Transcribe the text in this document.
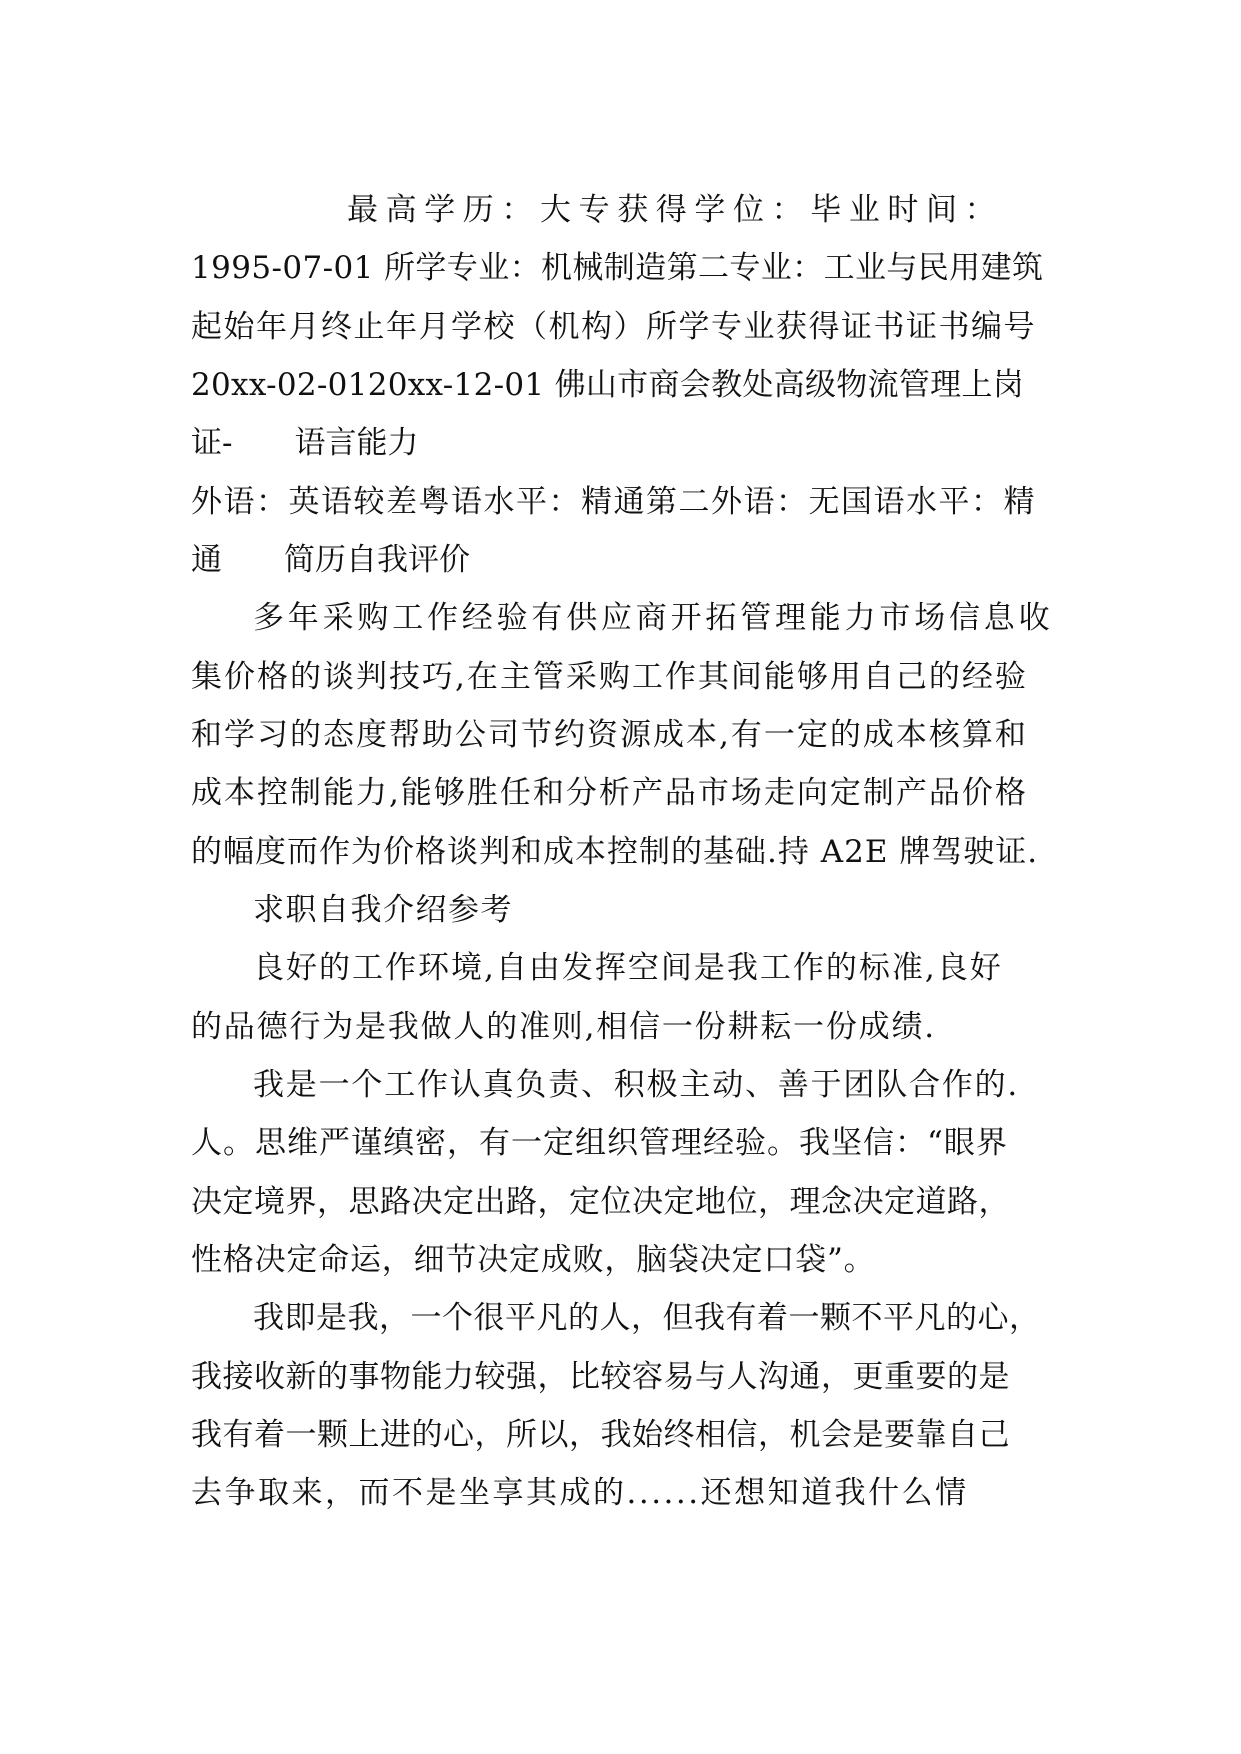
最高学历：大专获得学位：毕业时间：
1995-07-01 所学专业：机械制造第二专业：工业与民用建筑
起始年月终止年月学校（机构）所学专业获得证书证书编号
20xx-02-0120xx-12-01 佛山市商会教处高级物流管理上岗
证-　　语言能力
外语：英语较差粤语水平：精通第二外语：无国语水平：精
通　　简历自我评价
多年采购工作经验有供应商开拓管理能力市场信息收
集价格的谈判技巧,在主管采购工作其间能够用自己的经验
和学习的态度帮助公司节约资源成本,有一定的成本核算和
成本控制能力,能够胜任和分析产品市场走向定制产品价格
的幅度而作为价格谈判和成本控制的基础.持 A2E 牌驾驶证.
求职自我介绍参考
良好的工作环境,自由发挥空间是我工作的标准,良好
的品德行为是我做人的准则,相信一份耕耘一份成绩.
我是一个工作认真负责、积极主动、善于团队合作的.
人。思维严谨缜密，有一定组织管理经验。我坚信：“眼界
决定境界，思路决定出路，定位决定地位，理念决定道路，
性格决定命运，细节决定成败，脑袋决定口袋”。
我即是我，一个很平凡的人，但我有着一颗不平凡的心，
我接收新的事物能力较强，比较容易与人沟通，更重要的是
我有着一颗上进的心，所以，我始终相信，机会是要靠自己
去争取来，而不是坐享其成的......还想知道我什么情
